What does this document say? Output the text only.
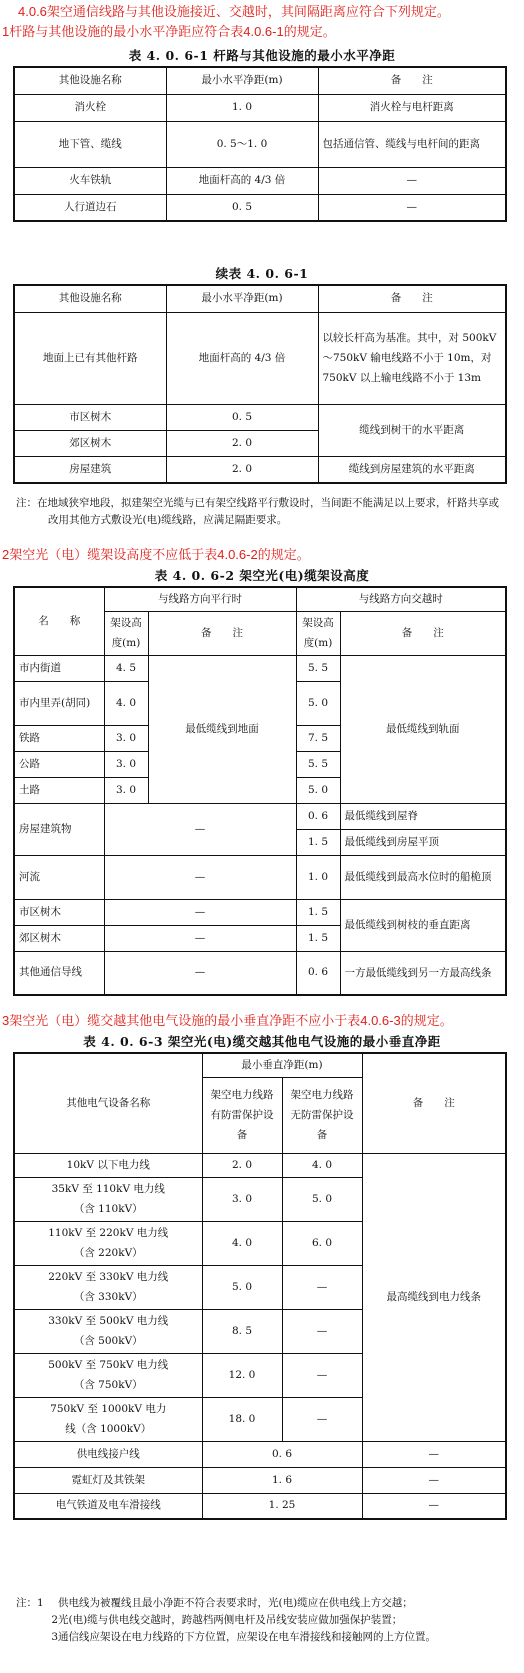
4.0.6架空通信线路与其他设施接近、交越时，其间隔距离应符合下列规定。
1杆路与其他设施的最小水平净距应符合表4.0.6-1的规定。
表 4. 0. 6-1 杆路与其他设施的最小水平净距
其他设施名称	最小水平净距(m)	备　　注
消火栓	1. 0	消火栓与电杆距离
地下管、缆线	0. 5～1. 0	包括通信管、缆线与电杆间的距离
火车铁轨	地面杆高的 4/3 倍	—
人行道边石	0. 5	—
续表 4. 0. 6-1
其他设施名称	最小水平净距(m)	备　　注
地面上已有其他杆路	地面杆高的 4/3 倍	以较长杆高为基准。其中，对 500kV～750kV 输电线路不小于 10m，对 750kV 以上输电线路不小于 13m
市区树木	0. 5	缆线到树干的水平距离
郊区树木	2. 0	
房屋建筑	2. 0	缆线到房屋建筑的水平距离
注：在地域狭窄地段，拟建架空光缆与已有架空线路平行敷设时，当间距不能满足以上要求，杆路共享或改用其他方式敷设光(电)缆线路，应满足隔距要求。
2架空光（电）缆架设高度不应低于表4.0.6-2的规定。
表 4. 0. 6-2 架空光(电)缆架设高度
名　　称	与线路方向平行时		与线路方向交越时	
	架设高度(m)	备　　注	架设高度(m)	备　　注
市内街道	4. 5	最低缆线到地面	5. 5	最低缆线到轨面
市内里弄(胡同)	4. 0		5. 0	
铁路	3. 0		7. 5	
公路	3. 0		5. 5	
土路	3. 0		5. 0	
房屋建筑物	—		0. 6	最低缆线到屋脊
			1. 5	最低缆线到房屋平顶
河流	—		1. 0	最低缆线到最高水位时的船桅顶
市区树木	—		1. 5	最低缆线到树枝的垂直距离
郊区树木	—		1. 5	
其他通信导线	—		0. 6	一方最低缆线到另一方最高线条
3架空光（电）缆交越其他电气设施的最小垂直净距不应小于表4.0.6-3的规定。
表 4. 0. 6-3 架空光(电)缆交越其他电气设施的最小垂直净距
其他电气设备名称	最小垂直净距(m)		备　　注
	架空电力线路有防雷保护设备	架空电力线路无防雷保护设备	
10kV 以下电力线	2. 0	4. 0	最高缆线到电力线条
35kV 至 110kV 电力线（含 110kV）	3. 0	5. 0	
110kV 至 220kV 电力线（含 220kV）	4. 0	6. 0	
220kV 至 330kV 电力线（含 330kV）	5. 0	—	
330kV 至 500kV 电力线（含 500kV）	8. 5	—	
500kV 至 750kV 电力线（含 750kV）	12. 0	—	
750kV 至 1000kV 电力线（含 1000kV）	18. 0	—	
供电线接户线	0. 6		—
霓虹灯及其铁架	1. 6		—
电气铁道及电车滑接线	1. 25		—
注：1	供电线为被覆线且最小净距不符合表要求时，光(电)缆应在供电线上方交越；
2 光(电)缆与供电线交越时，跨越档两侧电杆及吊线安装应做加强保护装置；
3 通信线应架设在电力线路的下方位置，应架设在电车滑接线和接触网的上方位置。
